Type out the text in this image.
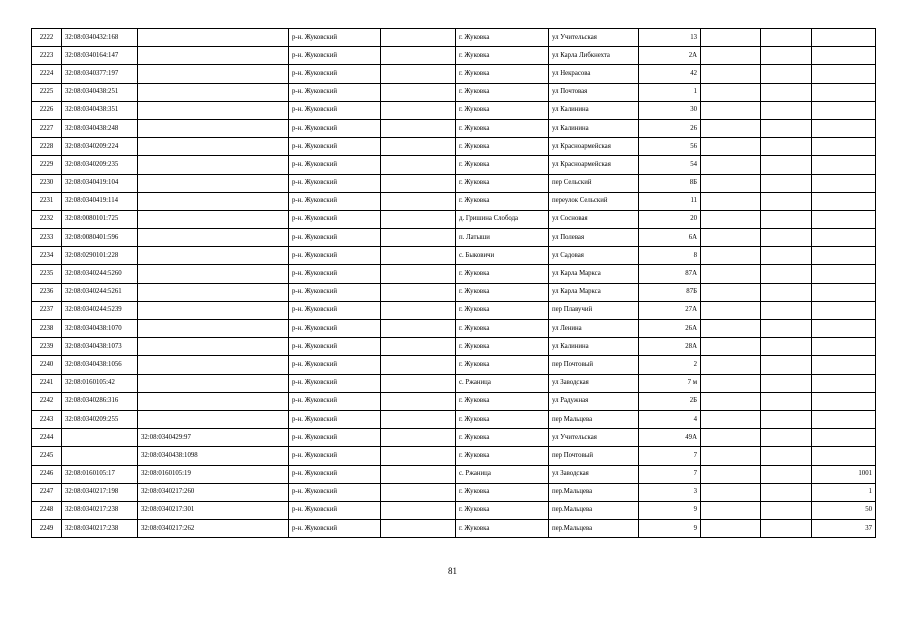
2222	32:08:0340432:168		р-н. Жуковский		г. Жуковка	ул Учительская	13			
2223	32:08:0340164:147		р-н. Жуковский		г. Жуковка	ул Карла Либкнехта	2А			
2224	32:08:0340377:197		р-н. Жуковский		г. Жуковка	ул Некрасова	42			
2225	32:08:0340438:251		р-н. Жуковский		г. Жуковка	ул Почтовая	1			
2226	32:08:0340438:351		р-н. Жуковский		г. Жуковка	ул Калинина	30			
2227	32:08:0340438:248		р-н. Жуковский		г. Жуковка	ул Калинина	26			
2228	32:08:0340209:224		р-н. Жуковский		г. Жуковка	ул Красноармейская	56			
2229	32:08:0340209:235		р-н. Жуковский		г. Жуковка	ул Красноармейская	54			
2230	32:08:0340419:104		р-н. Жуковский		г. Жуковка	пер Сельский	8Б			
2231	32:08:0340419:114		р-н. Жуковский		г. Жуковка	переулок Сельский	11			
2232	32:08:0080101:725		р-н. Жуковский		д. Гришина Слобода	ул Сосновая	20			
2233	32:08:0080401:596		р-н. Жуковский		п. Латыши	ул Полевая	6А			
2234	32:08:0290101:228		р-н. Жуковский		с. Быковичи	ул Садовая	8			
2235	32:08:0340244:5260		р-н. Жуковский		г. Жуковка	ул Карла Маркса	87А			
2236	32:08:0340244:5261		р-н. Жуковский		г. Жуковка	ул Карла Маркса	87Б			
2237	32:08:0340244:5239		р-н. Жуковский		г. Жуковка	пер Плавучий	27А			
2238	32:08:0340438:1070		р-н. Жуковский		г. Жуковка	ул Ленина	26А			
2239	32:08:0340438:1073		р-н. Жуковский		г. Жуковка	ул Калинина	28А			
2240	32:08:0340438:1056		р-н. Жуковский		г. Жуковка	пер Почтовый	2			
2241	32:08:0160105:42		р-н. Жуковский		с. Ржаница	ул Заводская	7 м			
2242	32:08:0340286:316		р-н. Жуковский		г. Жуковка	ул Радужная	2Б			
2243	32:08:0340209:255		р-н. Жуковский		г. Жуковка	пер Мальцева	4			
2244		32:08:0340429:97	р-н. Жуковский		г. Жуковка	ул Учительская	49А			
2245		32:08:0340438:1098	р-н. Жуковский		г. Жуковка	пер Почтовый	7			
2246	32:08:0160105:17	32:08:0160105:19	р-н. Жуковский		с. Ржаница	ул Заводская	7			1001
2247	32:08:0340217:198	32:08:0340217:260	р-н. Жуковский		г. Жуковка	пер.Мальцева	3			1
2248	32:08:0340217:238	32:08:0340217:301	р-н. Жуковский		г. Жуковка	пер.Мальцева	9			50
2249	32:08:0340217:238	32:08:0340217:262	р-н. Жуковский		г. Жуковка	пер.Мальцева	9			37
81
